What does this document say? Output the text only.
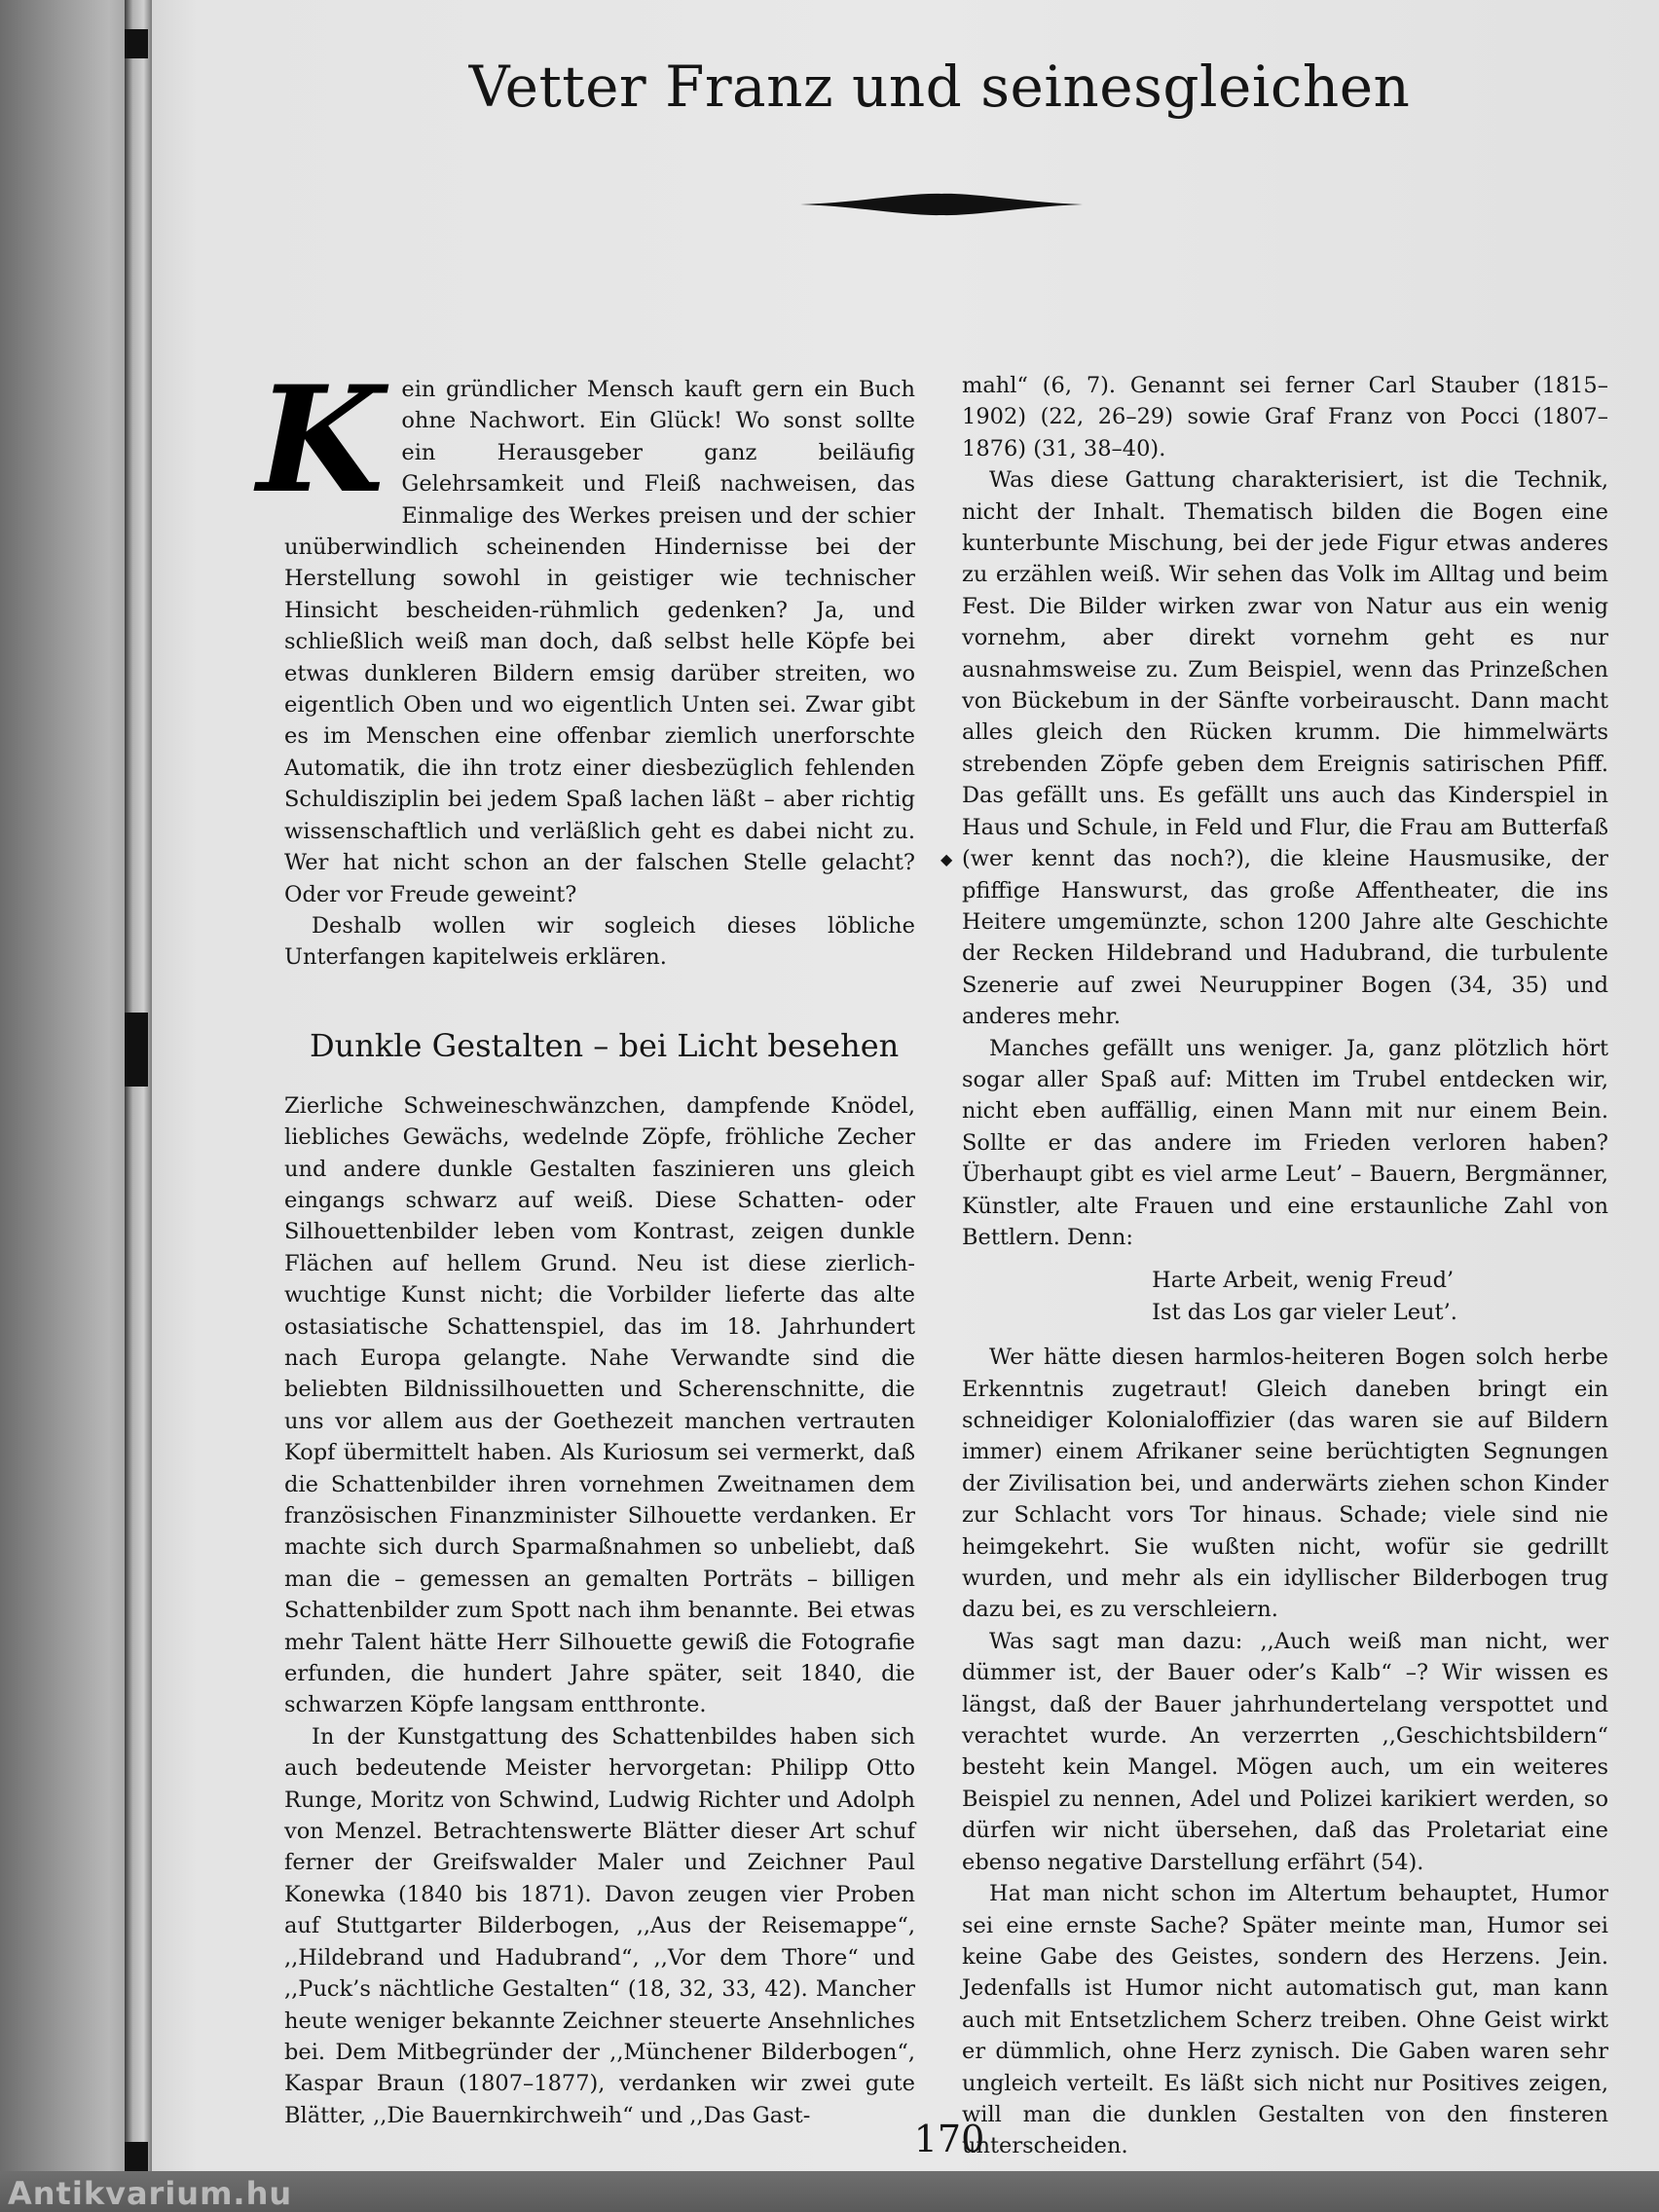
Antikvarium.hu
Vetter Franz und seinesgleichen
K ein gründlicher Mensch kauft gern ein Buch ohne Nachwort. Ein Glück! Wo sonst sollte ein Herausgeber ganz beiläufig Gelehrsamkeit und Fleiß nachweisen, das Einmalige des Werkes preisen und der schier unüberwindlich scheinenden Hindernisse bei der Herstellung sowohl in geistiger wie technischer Hinsicht bescheiden-rühmlich gedenken? Ja, und schließlich weiß man doch, daß selbst helle Köpfe bei etwas dunkleren Bildern emsig darüber streiten, wo eigentlich Oben und wo eigentlich Unten sei. Zwar gibt es im Menschen eine offenbar ziemlich unerforschte Automatik, die ihn trotz einer diesbezüglich fehlenden Schuldisziplin bei jedem Spaß lachen läßt – aber richtig wissenschaftlich und verläßlich geht es dabei nicht zu. Wer hat nicht schon an der falschen Stelle gelacht? Oder vor Freude geweint?

Deshalb wollen wir sogleich dieses löbliche Unterfangen kapitelweis erklären.

Dunkle Gestalten – bei Licht besehen

Zierliche Schweineschwänzchen, dampfende Knödel, liebliches Gewächs, wedelnde Zöpfe, fröhliche Zecher und andere dunkle Gestalten faszinieren uns gleich eingangs schwarz auf weiß. Diese Schatten- oder Silhouettenbilder leben vom Kontrast, zeigen dunkle Flächen auf hellem Grund. Neu ist diese zierlich-wuchtige Kunst nicht; die Vorbilder lieferte das alte ostasiatische Schattenspiel, das im 18. Jahrhundert nach Europa gelangte. Nahe Verwandte sind die beliebten Bildnissilhouetten und Scherenschnitte, die uns vor allem aus der Goethezeit manchen vertrauten Kopf übermittelt haben. Als Kuriosum sei vermerkt, daß die Schattenbilder ihren vornehmen Zweitnamen dem französischen Finanzminister Silhouette verdanken. Er machte sich durch Sparmaßnahmen so unbeliebt, daß man die – gemessen an gemalten Porträts – billigen Schattenbilder zum Spott nach ihm benannte. Bei etwas mehr Talent hätte Herr Silhouette gewiß die Fotografie erfunden, die hundert Jahre später, seit 1840, die schwarzen Köpfe langsam entthronte.

In der Kunstgattung des Schattenbildes haben sich auch bedeutende Meister hervorgetan: Philipp Otto Runge, Moritz von Schwind, Ludwig Richter und Adolph von Menzel. Betrachtenswerte Blätter dieser Art schuf ferner der Greifswalder Maler und Zeichner Paul Konewka (1840 bis 1871). Davon zeugen vier Proben auf Stuttgarter Bilderbogen, ,,Aus der Reisemappe“, ,,Hildebrand und Hadubrand“, ,,Vor dem Thore“ und ,,Puck’s nächtliche Gestalten“ (18, 32, 33, 42). Mancher heute weniger bekannte Zeichner steuerte Ansehnliches bei. Dem Mitbegründer der ,,Münchener Bilderbogen“, Kaspar Braun (1807–1877), verdanken wir zwei gute Blätter, ,,Die Bauernkirchweih“ und ,,Das Gast-

mahl“ (6, 7). Genannt sei ferner Carl Stauber (1815–1902) (22, 26–29) sowie Graf Franz von Pocci (1807–1876) (31, 38–40).

Was diese Gattung charakterisiert, ist die Technik, nicht der Inhalt. Thematisch bilden die Bogen eine kunterbunte Mischung, bei der jede Figur etwas anderes zu erzählen weiß. Wir sehen das Volk im Alltag und beim Fest. Die Bilder wirken zwar von Natur aus ein wenig vornehm, aber direkt vornehm geht es nur ausnahmsweise zu. Zum Beispiel, wenn das Prinzeßchen von Bückebum in der Sänfte vorbeirauscht. Dann macht alles gleich den Rücken krumm. Die himmelwärts strebenden Zöpfe geben dem Ereignis satirischen Pfiff. Das gefällt uns. Es gefällt uns auch das Kinderspiel in Haus und Schule, in Feld und Flur, die Frau am Butterfaß (wer kennt das noch?), die kleine Hausmusike, der pfiffige Hanswurst, das große Affentheater, die ins Heitere umgemünzte, schon 1200 Jahre alte Geschichte der Recken Hildebrand und Hadubrand, die turbulente Szenerie auf zwei Neuruppiner Bogen (34, 35) und anderes mehr.

Manches gefällt uns weniger. Ja, ganz plötzlich hört sogar aller Spaß auf: Mitten im Trubel entdecken wir, nicht eben auffällig, einen Mann mit nur einem Bein. Sollte er das andere im Frieden verloren haben? Überhaupt gibt es viel arme Leut’ – Bauern, Bergmänner, Künstler, alte Frauen und eine erstaunliche Zahl von Bettlern. Denn:

Harte Arbeit, wenig Freud’
Ist das Los gar vieler Leut’.

Wer hätte diesen harmlos-heiteren Bogen solch herbe Erkenntnis zugetraut! Gleich daneben bringt ein schneidiger Kolonialoffizier (das waren sie auf Bildern immer) einem Afrikaner seine berüchtigten Segnungen der Zivilisation bei, und anderwärts ziehen schon Kinder zur Schlacht vors Tor hinaus. Schade; viele sind nie heimgekehrt. Sie wußten nicht, wofür sie gedrillt wurden, und mehr als ein idyllischer Bilderbogen trug dazu bei, es zu verschleiern.

Was sagt man dazu: ,,Auch weiß man nicht, wer dümmer ist, der Bauer oder’s Kalb“ –? Wir wissen es längst, daß der Bauer jahrhundertelang verspottet und verachtet wurde. An verzerrten ,,Geschichtsbildern“ besteht kein Mangel. Mögen auch, um ein weiteres Beispiel zu nennen, Adel und Polizei karikiert werden, so dürfen wir nicht übersehen, daß das Proletariat eine ebenso negative Darstellung erfährt (54).

Hat man nicht schon im Altertum behauptet, Humor sei eine ernste Sache? Später meinte man, Humor sei keine Gabe des Geistes, sondern des Herzens. Jein. Jedenfalls ist Humor nicht automatisch gut, man kann auch mit Entsetzlichem Scherz treiben. Ohne Geist wirkt er dümmlich, ohne Herz zynisch. Die Gaben waren sehr ungleich verteilt. Es läßt sich nicht nur Positives zeigen, will man die dunklen Gestalten von den finsteren unterscheiden.

◆
170
